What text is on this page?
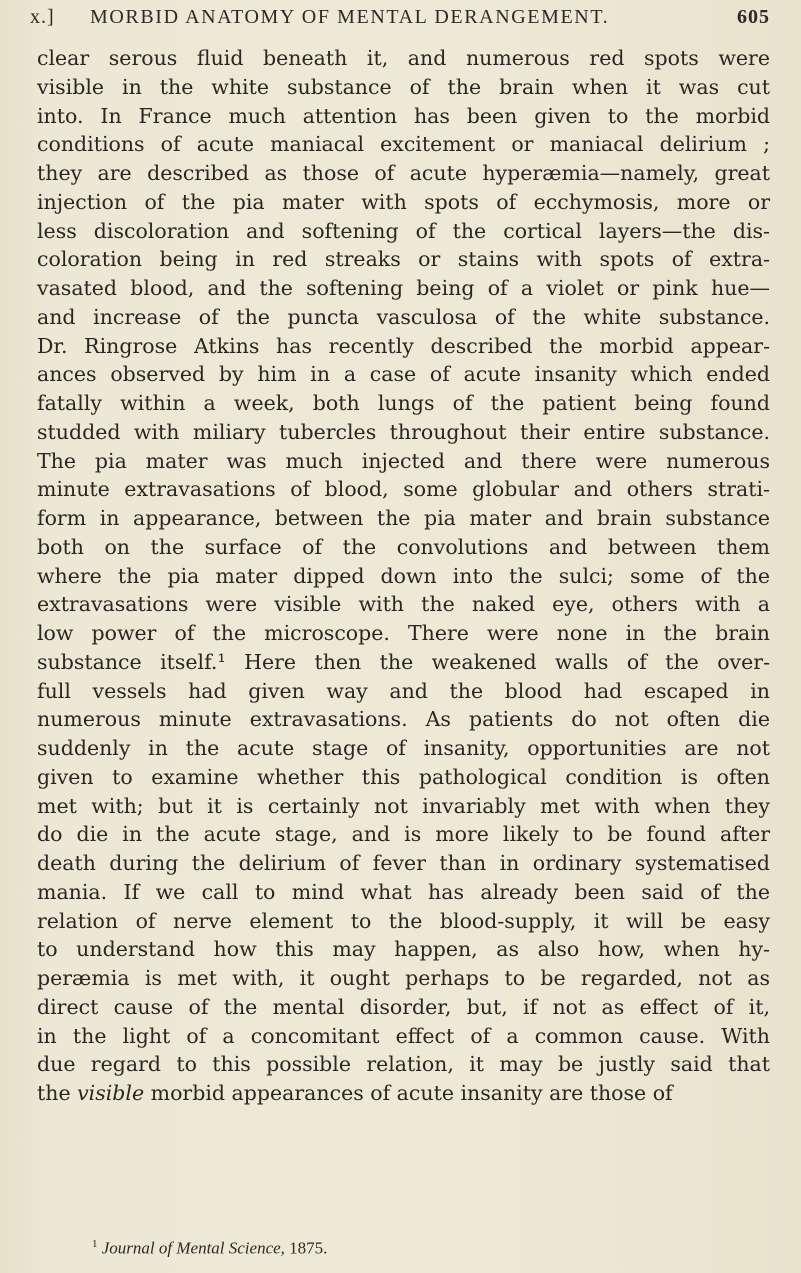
x.] MORBID ANATOMY OF MENTAL DERANGEMENT.	605
clear serous fluid beneath it, and numerous red spots were
visible in the white substance of the brain when it was cut
into. In France much attention has been given to the morbid
conditions of acute maniacal excitement or maniacal delirium ;
they are described as those of acute hyperæmia—namely, great
injection of the pia mater with spots of ecchymosis, more or
less discoloration and softening of the cortical layers—the dis-
coloration being in red streaks or stains with spots of extra-
vasated blood, and the softening being of a violet or pink hue—
and increase of the puncta vasculosa of the white substance.
Dr. Ringrose Atkins has recently described the morbid appear-
ances observed by him in a case of acute insanity which ended
fatally within a week, both lungs of the patient being found
studded with miliary tubercles throughout their entire substance.
The pia mater was much injected and there were numerous
minute extravasations of blood, some globular and others strati-
form in appearance, between the pia mater and brain substance
both on the surface of the convolutions and between them
where the pia mater dipped down into the sulci; some of the
extravasations were visible with the naked eye, others with a
low power of the microscope. There were none in the brain
substance itself.¹ Here then the weakened walls of the over-
full vessels had given way and the blood had escaped in
numerous minute extravasations. As patients do not often die
suddenly in the acute stage of insanity, opportunities are not
given to examine whether this pathological condition is often
met with; but it is certainly not invariably met with when they
do die in the acute stage, and is more likely to be found after
death during the delirium of fever than in ordinary systematised
mania. If we call to mind what has already been said of the
relation of nerve element to the blood-supply, it will be easy
to understand how this may happen, as also how, when hy-
peræmia is met with, it ought perhaps to be regarded, not as
direct cause of the mental disorder, but, if not as effect of it,
in the light of a concomitant effect of a common cause. With
due regard to this possible relation, it may be justly said that
the visible morbid appearances of acute insanity are those of
$^1$ Journal of Mental Science, 1875.
